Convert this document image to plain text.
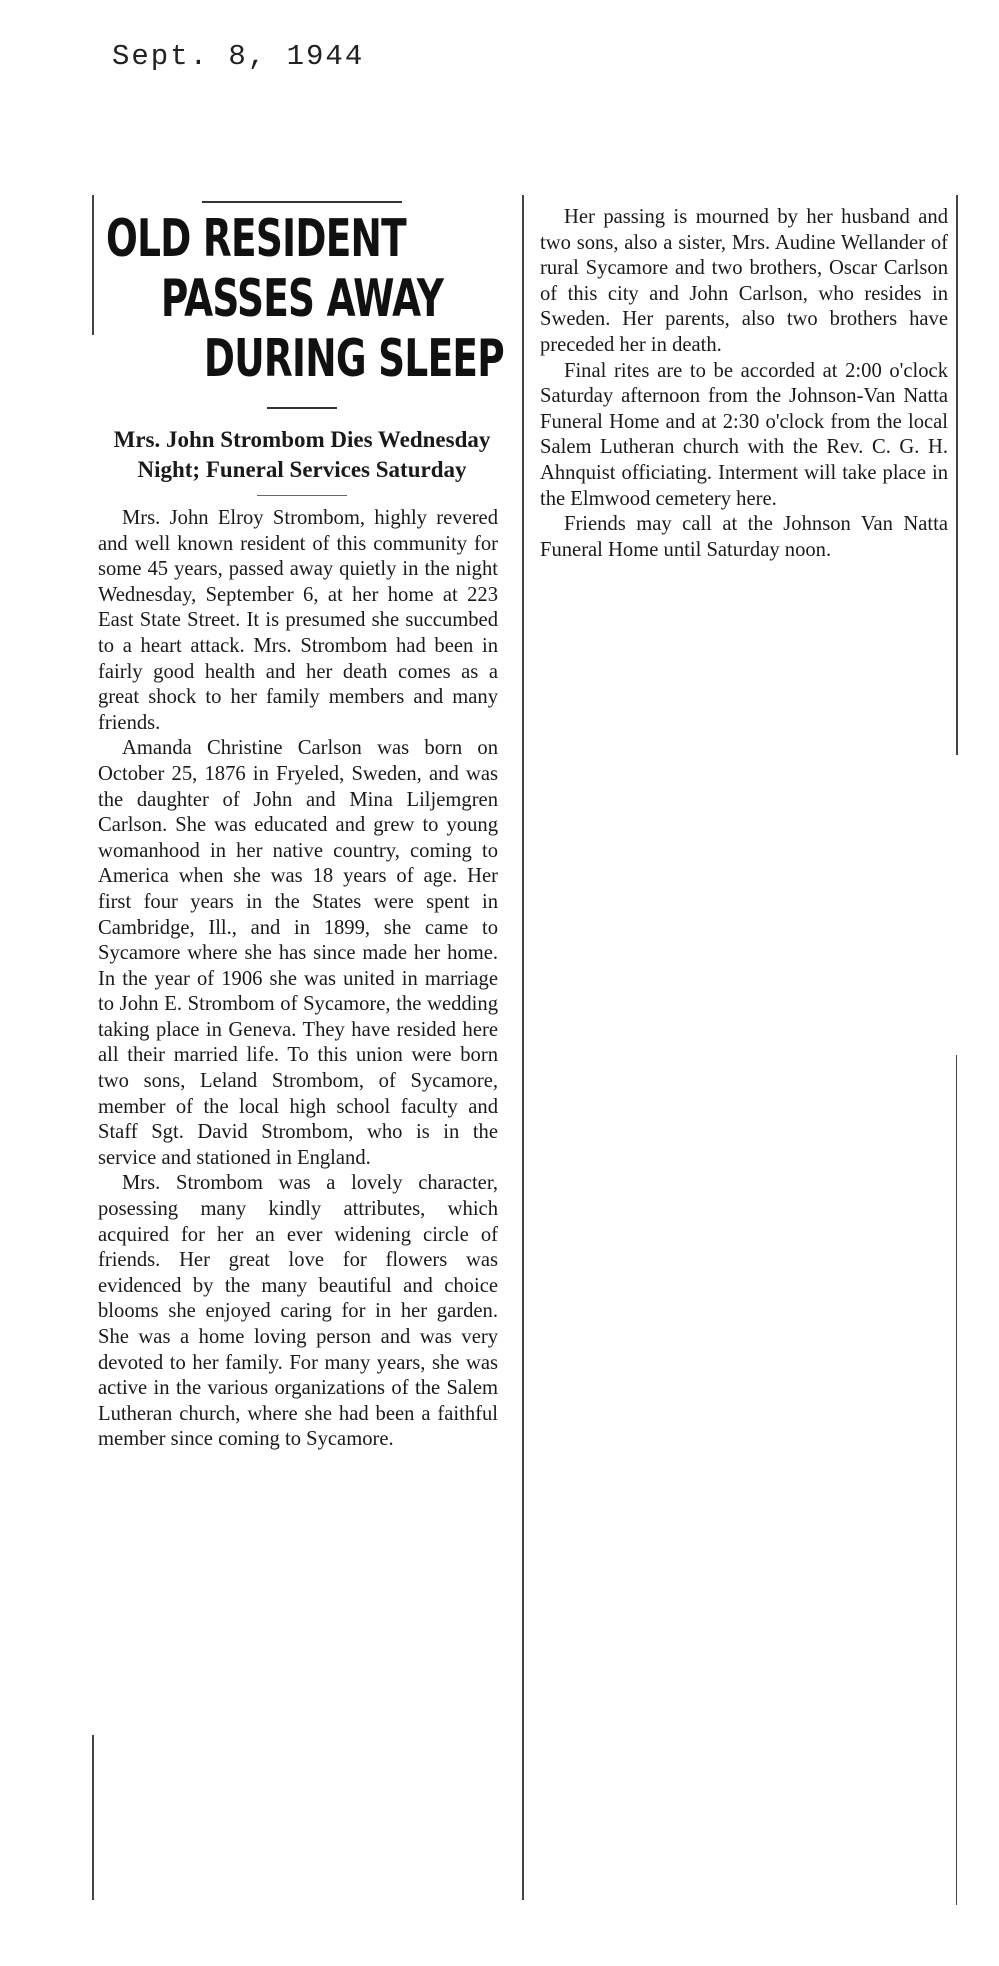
Sept. 8, 1944
OLD RESIDENT
PASSES AWAY
DURING SLEEP
Mrs. John Strombom Dies Wednesday Night; Funeral Services Saturday

Mrs. John Elroy Strombom, highly revered and well known resident of this community for some 45 years, passed away quietly in the night Wednesday, September 6, at her home at 223 East State Street. It is presumed she succumbed to a heart attack. Mrs. Strombom had been in fairly good health and her death comes as a great shock to her family members and many friends.

Amanda Christine Carlson was born on October 25, 1876 in Fryeled, Sweden, and was the daughter of John and Mina Liljemgren Carlson. She was educated and grew to young womanhood in her native country, coming to America when she was 18 years of age. Her first four years in the States were spent in Cambridge, Ill., and in 1899, she came to Sycamore where she has since made her home. In the year of 1906 she was united in marriage to John E. Strombom of Sycamore, the wedding taking place in Geneva. They have resided here all their married life. To this union were born two sons, Leland Strombom, of Sycamore, member of the local high school faculty and Staff Sgt. David Strombom, who is in the service and stationed in England.

Mrs. Strombom was a lovely character, posessing many kindly attributes, which acquired for her an ever widening circle of friends. Her great love for flowers was evidenced by the many beautiful and choice blooms she enjoyed caring for in her garden. She was a home loving person and was very devoted to her family. For many years, she was active in the various organizations of the Salem Lutheran church, where she had been a faithful member since coming to Sycamore.

Her passing is mourned by her husband and two sons, also a sister, Mrs. Audine Wellander of rural Sycamore and two brothers, Oscar Carlson of this city and John Carlson, who resides in Sweden. Her parents, also two brothers have preceded her in death.

Final rites are to be accorded at 2:00 o'clock Saturday afternoon from the Johnson-Van Natta Funeral Home and at 2:30 o'clock from the local Salem Lutheran church with the Rev. C. G. H. Ahnquist officiating. Interment will take place in the Elmwood cemetery here.

Friends may call at the Johnson Van Natta Funeral Home until Saturday noon.
